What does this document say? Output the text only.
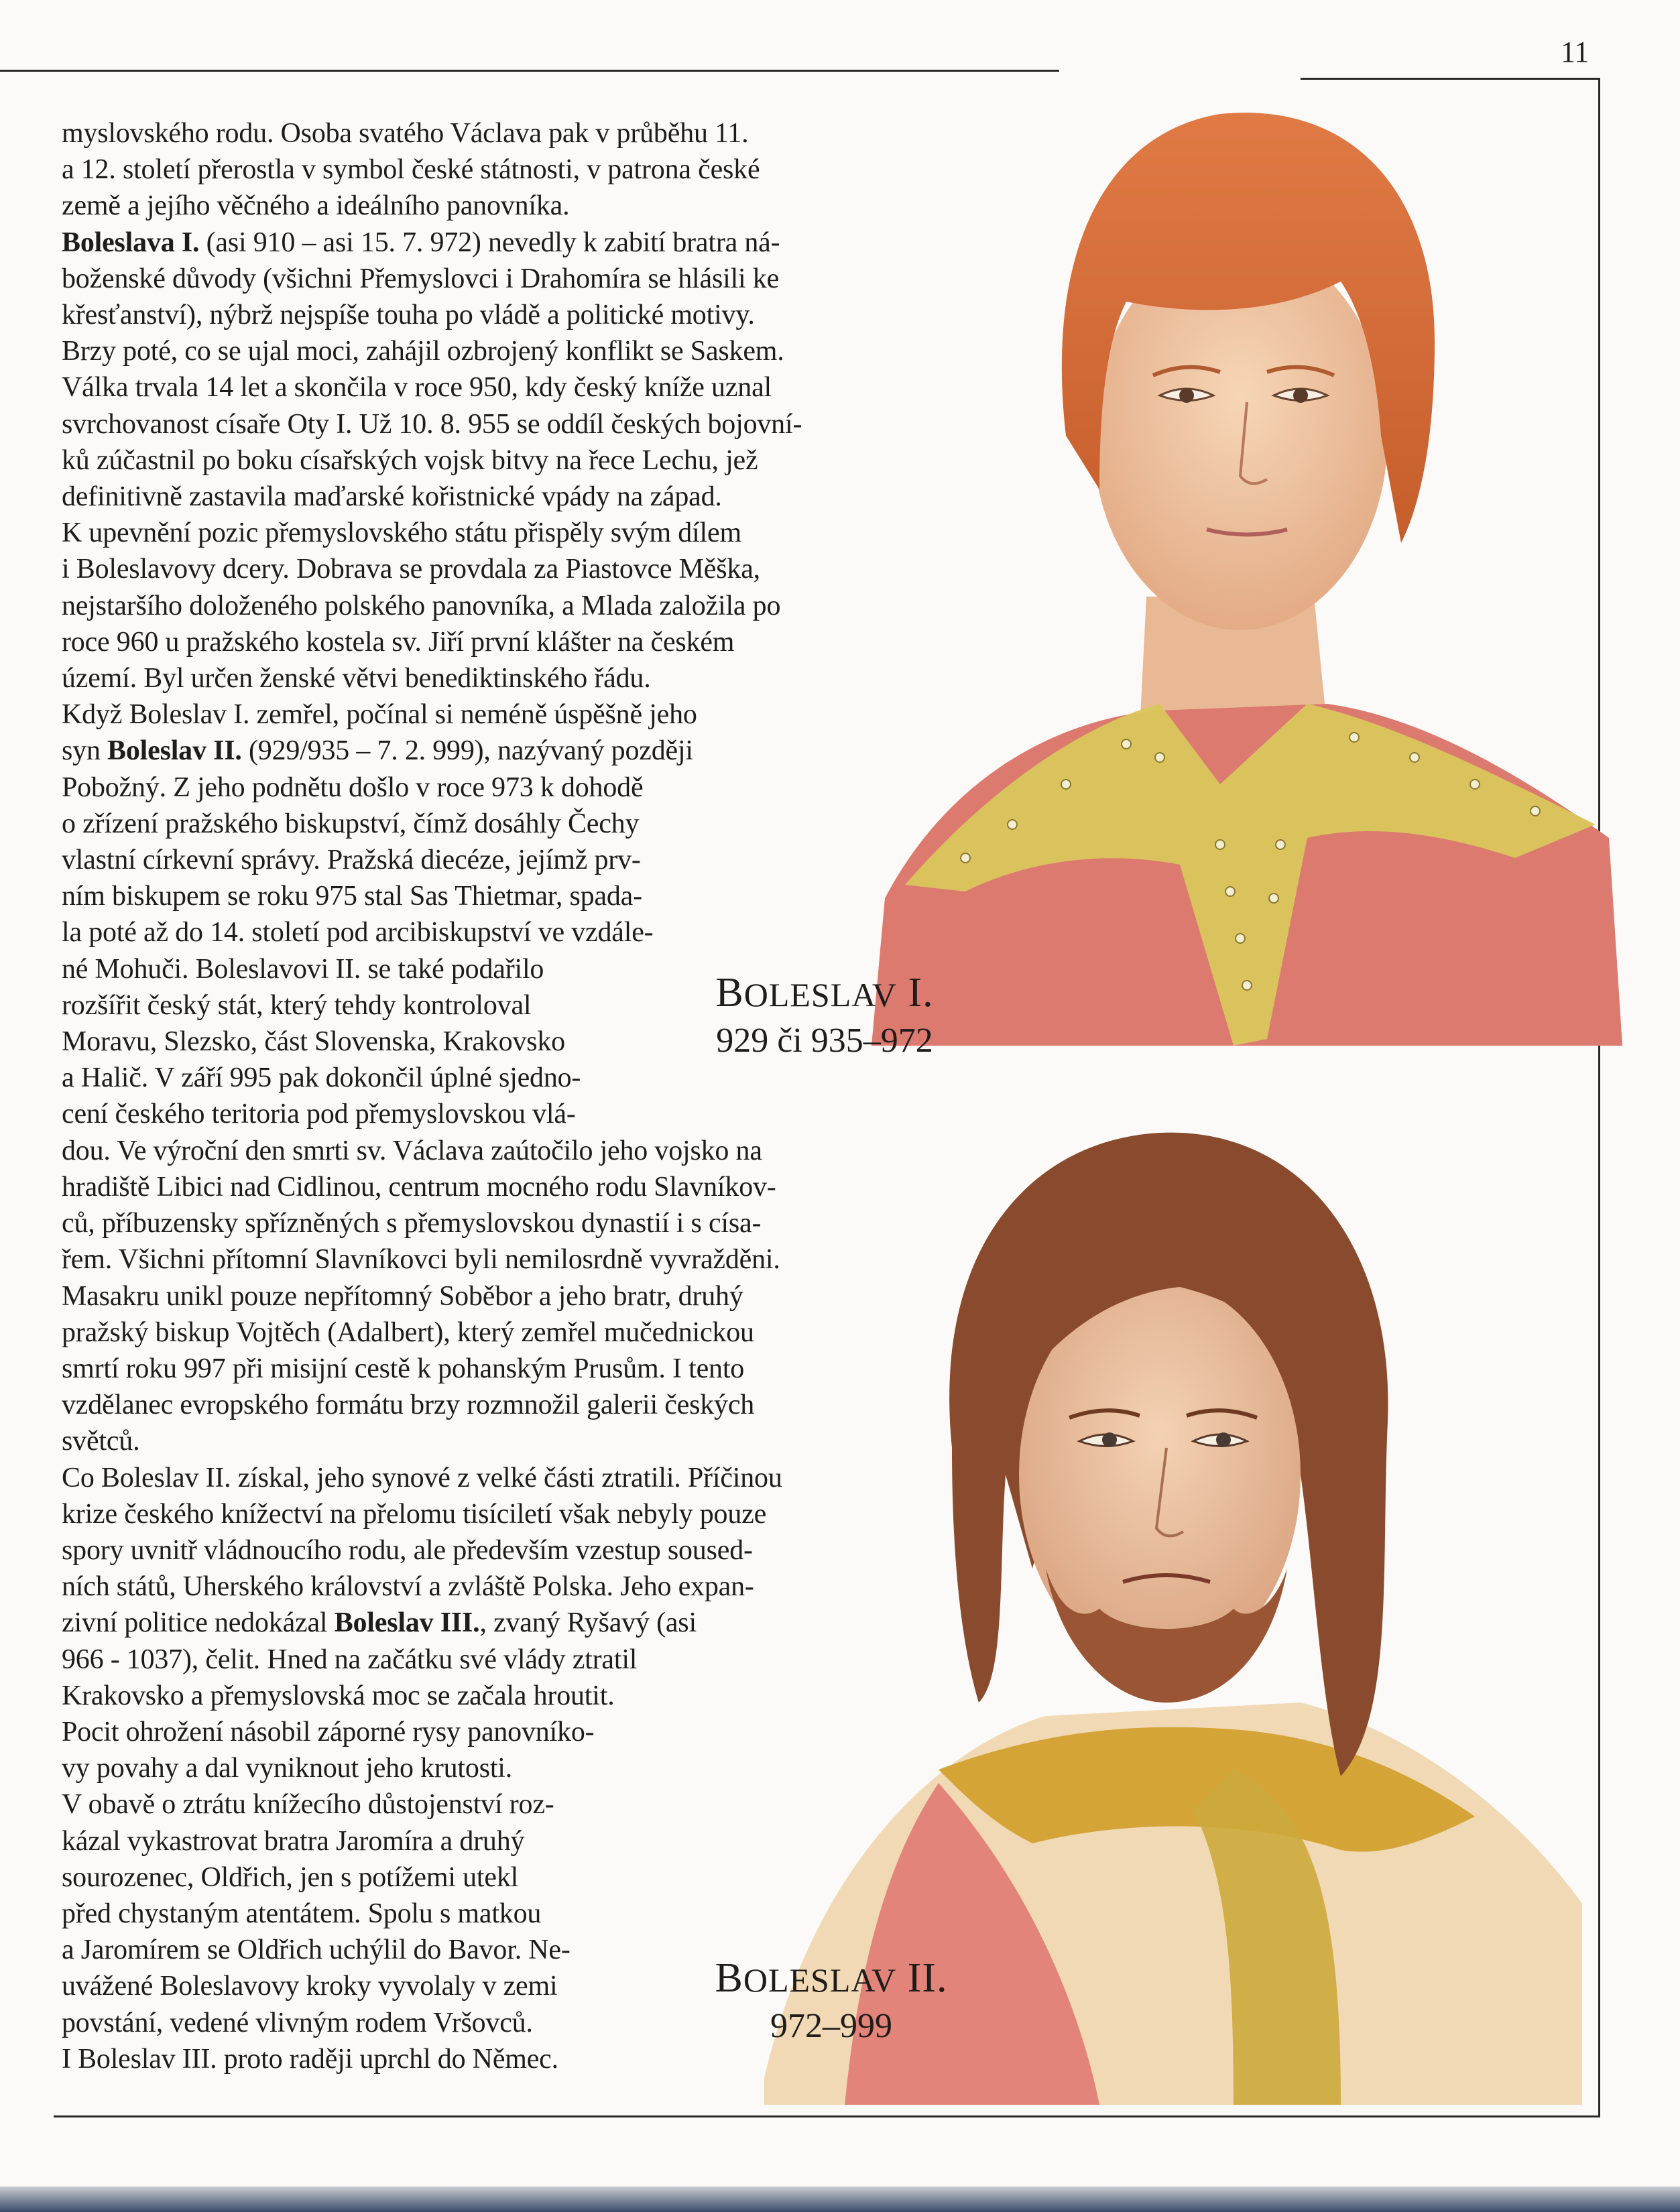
11
myslovského rodu. Osoba svatého Václava pak v průběhu 11.
a 12. století přerostla v symbol české státnosti, v patrona české
země a jejího věčného a ideálního panovníka.
Boleslava I. (asi 910 – asi 15. 7. 972) nevedly k zabití bratra ná-
boženské důvody (všichni Přemyslovci i Drahomíra se hlásili ke
křesťanství), nýbrž nejspíše touha po vládě a politické motivy.
Brzy poté, co se ujal moci, zahájil ozbrojený konflikt se Saskem.
Válka trvala 14 let a skončila v roce 950, kdy český kníže uznal
svrchovanost císaře Oty I. Už 10. 8. 955 se oddíl českých bojovní-
ků zúčastnil po boku císařských vojsk bitvy na řece Lechu, jež
definitivně zastavila maďarské kořistnické vpády na západ.
K upevnění pozic přemyslovského státu přispěly svým dílem
i Boleslavovy dcery. Dobrava se provdala za Piastovce Měška,
nejstaršího doloženého polského panovníka, a Mlada založila po
roce 960 u pražského kostela sv. Jiří první klášter na českém
území. Byl určen ženské větvi benediktinského řádu.
Když Boleslav I. zemřel, počínal si neméně úspěšně jeho
syn Boleslav II. (929/935 – 7. 2. 999), nazývaný později
Pobožný. Z jeho podnětu došlo v roce 973 k dohodě
o zřízení pražského biskupství, čímž dosáhly Čechy
vlastní církevní správy. Pražská diecéze, jejímž prv-
ním biskupem se roku 975 stal Sas Thietmar, spada-
la poté až do 14. století pod arcibiskupství ve vzdále-
né Mohuči. Boleslavovi II. se také podařilo
rozšířit český stát, který tehdy kontroloval
Moravu, Slezsko, část Slovenska, Krakovsko
a Halič. V září 995 pak dokončil úplné sjedno-
cení českého teritoria pod přemyslovskou vlá-
dou. Ve výroční den smrti sv. Václava zaútočilo jeho vojsko na
hradiště Libici nad Cidlinou, centrum mocného rodu Slavníkov-
ců, příbuzensky spřízněných s přemyslovskou dynastií i s císa-
řem. Všichni přítomní Slavníkovci byli nemilosrdně vyvražděni.
Masakru unikl pouze nepřítomný Soběbor a jeho bratr, druhý
pražský biskup Vojtěch (Adalbert), který zemřel mučednickou
smrtí roku 997 při misijní cestě k pohanským Prusům. I tento
vzdělanec evropského formátu brzy rozmnožil galerii českých
světců.
Co Boleslav II. získal, jeho synové z velké části ztratili. Příčinou
krize českého knížectví na přelomu tisíciletí však nebyly pouze
spory uvnitř vládnoucího rodu, ale především vzestup soused-
ních států, Uherského království a zvláště Polska. Jeho expan-
zivní politice nedokázal Boleslav III., zvaný Ryšavý (asi
966 - 1037), čelit. Hned na začátku své vlády ztratil
Krakovsko a přemyslovská moc se začala hroutit.
Pocit ohrožení násobil záporné rysy panovníko-
vy povahy a dal vyniknout jeho krutosti.
V obavě o ztrátu knížecího důstojenství roz-
kázal vykastrovat bratra Jaromíra a druhý
sourozenec, Oldřich, jen s potížemi utekl
před chystaným atentátem. Spolu s matkou
a Jaromírem se Oldřich uchýlil do Bavor. Ne-
uvážené Boleslavovy kroky vyvolaly v zemi
povstání, vedené vlivným rodem Vršovců.
I Boleslav III. proto raději uprchl do Němec.
BOLESLAV I.
929 či 935–972
BOLESLAV II.
972–999
